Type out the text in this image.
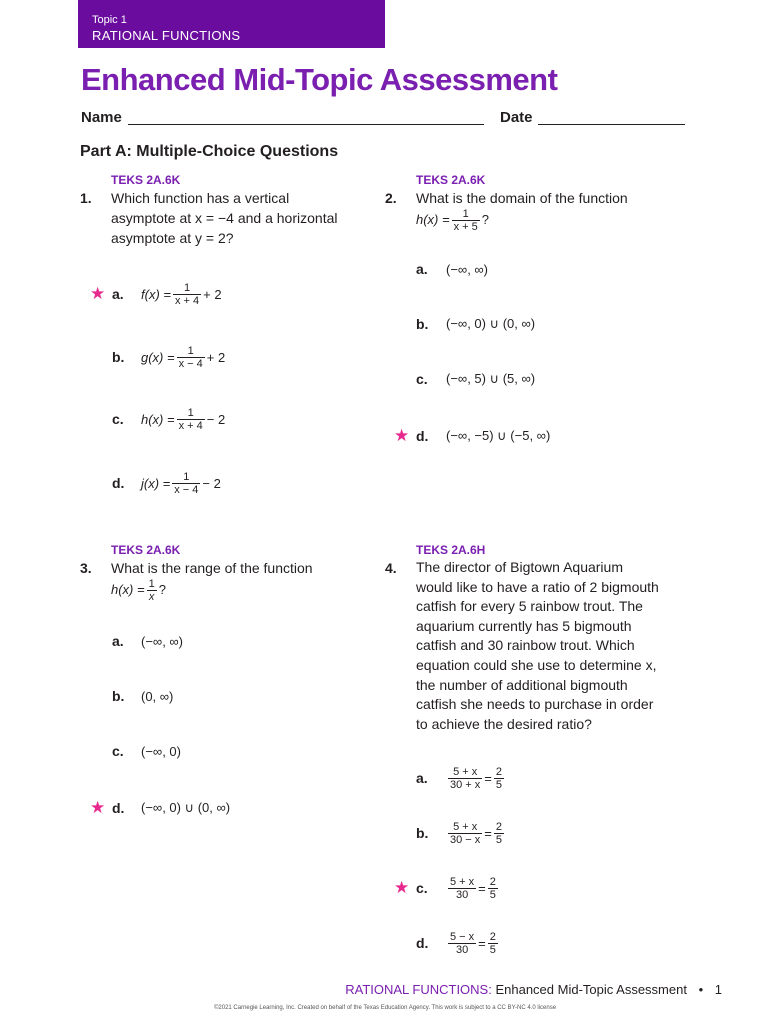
Topic 1
RATIONAL FUNCTIONS
Enhanced Mid-Topic Assessment
Name	Date
Part A: Multiple-Choice Questions
TEKS 2A.6K
1. Which function has a vertical
asymptote at x = −4 and a horizontal
asymptote at y = 2?
★ a.	$f(x) = \frac{1}{x + 4} + 2$
b.	$g(x) = \frac{1}{x - 4} + 2$
c.	$h(x) = \frac{1}{x + 4} - 2$
d.	$j(x) = \frac{1}{x - 4} - 2$
TEKS 2A.6K
2. What is the domain of the function
$h(x) = \frac{1}{x + 5}$ ?
a.	(−∞, ∞)
b.	(−∞, 0) ∪ (0, ∞)
c.	(−∞, 5) ∪ (5, ∞)
★ d.	(−∞, −5) ∪ (−5, ∞)
TEKS 2A.6K
3. What is the range of the function
$h(x) = \frac{1}{x}$ ?
a.	(−∞, ∞)
b.	(0, ∞)
c.	(−∞, 0)
★ d.	(−∞, 0) ∪ (0, ∞)
TEKS 2A.6H
4. The director of Bigtown Aquarium
would like to have a ratio of 2 bigmouth
catfish for every 5 rainbow trout. The
aquarium currently has 5 bigmouth
catfish and 30 rainbow trout. Which
equation could she use to determine x,
the number of additional bigmouth
catfish she needs to purchase in order
to achieve the desired ratio?
a.	$\frac{5 + x}{30 + x} = \frac{2}{5}$
b.	$\frac{5 + x}{30 - x} = \frac{2}{5}$
★ c.	$\frac{5 + x}{30} = \frac{2}{5}$
d.	$\frac{5 - x}{30} = \frac{2}{5}$
RATIONAL FUNCTIONS: Enhanced Mid-Topic Assessment • 1
©2021 Carnegie Learning, Inc. Created on behalf of the Texas Education Agency. This work is subject to a CC BY-NC 4.0 license
